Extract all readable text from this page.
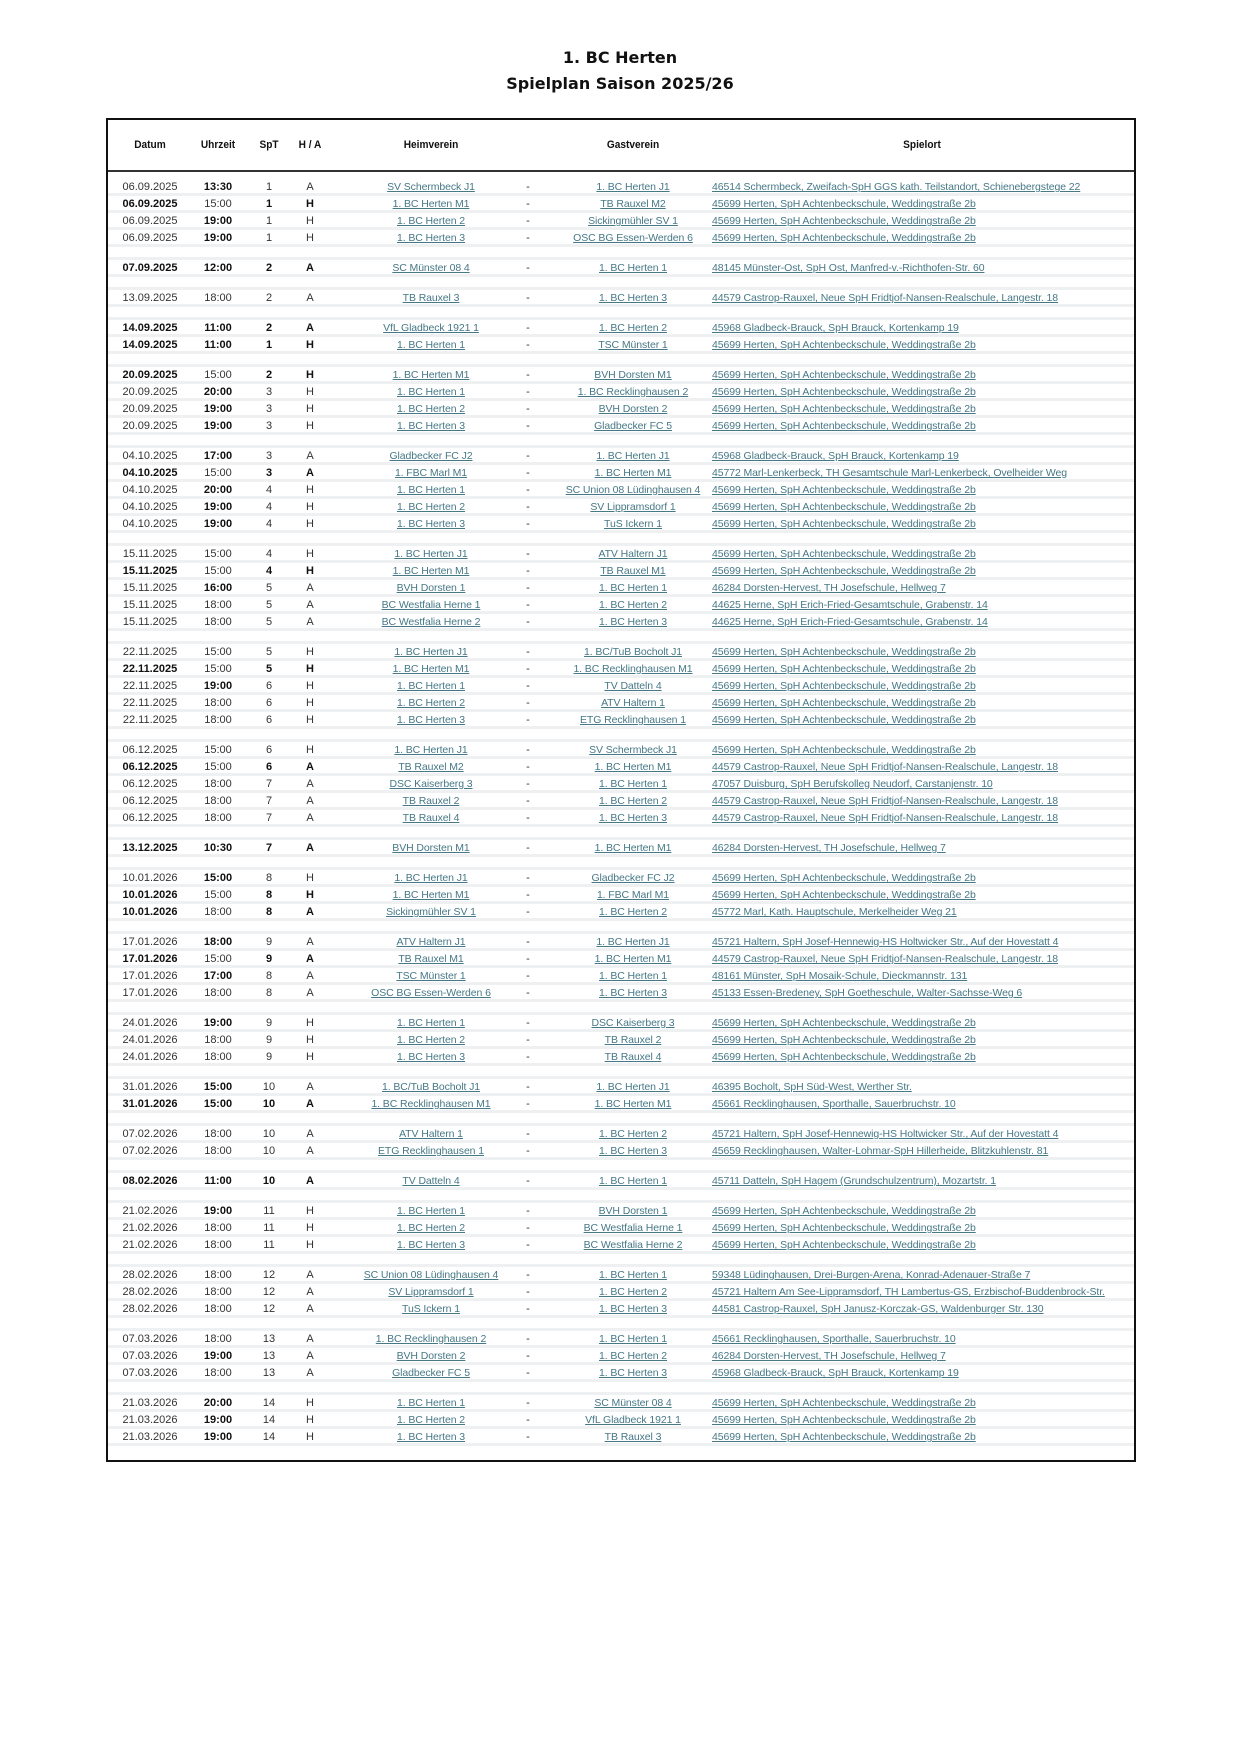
1. BC Herten
Spielplan Saison 2025/26
Datum	Uhrzeit	SpT	H / A	Heimverein	Gastverein	Spielort
06.09.2025	13:30	1	A	SV Schermbeck J1	-	1. BC Herten J1	46514 Schermbeck, Zweifach-SpH GGS kath. Teilstandort, Schienebergstege 22
06.09.2025	15:00	1	H	1. BC Herten M1	-	TB Rauxel M2	45699 Herten, SpH Achtenbeckschule, Weddingstraße 2b
06.09.2025	19:00	1	H	1. BC Herten 2	-	Sickingmühler SV 1	45699 Herten, SpH Achtenbeckschule, Weddingstraße 2b
06.09.2025	19:00	1	H	1. BC Herten 3	-	OSC BG Essen-Werden 6	45699 Herten, SpH Achtenbeckschule, Weddingstraße 2b
07.09.2025	12:00	2	A	SC Münster 08 4	-	1. BC Herten 1	48145 Münster-Ost, SpH Ost, Manfred-v.-Richthofen-Str. 60
13.09.2025	18:00	2	A	TB Rauxel 3	-	1. BC Herten 3	44579 Castrop-Rauxel, Neue SpH Fridtjof-Nansen-Realschule, Langestr. 18
14.09.2025	11:00	2	A	VfL Gladbeck 1921 1	-	1. BC Herten 2	45968 Gladbeck-Brauck, SpH Brauck, Kortenkamp 19
14.09.2025	11:00	1	H	1. BC Herten 1	-	TSC Münster 1	45699 Herten, SpH Achtenbeckschule, Weddingstraße 2b
20.09.2025	15:00	2	H	1. BC Herten M1	-	BVH Dorsten M1	45699 Herten, SpH Achtenbeckschule, Weddingstraße 2b
20.09.2025	20:00	3	H	1. BC Herten 1	-	1. BC Recklinghausen 2	45699 Herten, SpH Achtenbeckschule, Weddingstraße 2b
20.09.2025	19:00	3	H	1. BC Herten 2	-	BVH Dorsten 2	45699 Herten, SpH Achtenbeckschule, Weddingstraße 2b
20.09.2025	19:00	3	H	1. BC Herten 3	-	Gladbecker FC 5	45699 Herten, SpH Achtenbeckschule, Weddingstraße 2b
04.10.2025	17:00	3	A	Gladbecker FC J2	-	1. BC Herten J1	45968 Gladbeck-Brauck, SpH Brauck, Kortenkamp 19
04.10.2025	15:00	3	A	1. FBC Marl M1	-	1. BC Herten M1	45772 Marl-Lenkerbeck, TH Gesamtschule Marl-Lenkerbeck, Ovelheider Weg
04.10.2025	20:00	4	H	1. BC Herten 1	-	SC Union 08 Lüdinghausen 4	45699 Herten, SpH Achtenbeckschule, Weddingstraße 2b
04.10.2025	19:00	4	H	1. BC Herten 2	-	SV Lippramsdorf 1	45699 Herten, SpH Achtenbeckschule, Weddingstraße 2b
04.10.2025	19:00	4	H	1. BC Herten 3	-	TuS Ickern 1	45699 Herten, SpH Achtenbeckschule, Weddingstraße 2b
15.11.2025	15:00	4	H	1. BC Herten J1	-	ATV Haltern J1	45699 Herten, SpH Achtenbeckschule, Weddingstraße 2b
15.11.2025	15:00	4	H	1. BC Herten M1	-	TB Rauxel M1	45699 Herten, SpH Achtenbeckschule, Weddingstraße 2b
15.11.2025	16:00	5	A	BVH Dorsten 1	-	1. BC Herten 1	46284 Dorsten-Hervest, TH Josefschule, Hellweg 7
15.11.2025	18:00	5	A	BC Westfalia Herne 1	-	1. BC Herten 2	44625 Herne, SpH Erich-Fried-Gesamtschule, Grabenstr. 14
15.11.2025	18:00	5	A	BC Westfalia Herne 2	-	1. BC Herten 3	44625 Herne, SpH Erich-Fried-Gesamtschule, Grabenstr. 14
22.11.2025	15:00	5	H	1. BC Herten J1	-	1. BC/TuB Bocholt J1	45699 Herten, SpH Achtenbeckschule, Weddingstraße 2b
22.11.2025	15:00	5	H	1. BC Herten M1	-	1. BC Recklinghausen M1	45699 Herten, SpH Achtenbeckschule, Weddingstraße 2b
22.11.2025	19:00	6	H	1. BC Herten 1	-	TV Datteln 4	45699 Herten, SpH Achtenbeckschule, Weddingstraße 2b
22.11.2025	18:00	6	H	1. BC Herten 2	-	ATV Haltern 1	45699 Herten, SpH Achtenbeckschule, Weddingstraße 2b
22.11.2025	18:00	6	H	1. BC Herten 3	-	ETG Recklinghausen 1	45699 Herten, SpH Achtenbeckschule, Weddingstraße 2b
06.12.2025	15:00	6	H	1. BC Herten J1	-	SV Schermbeck J1	45699 Herten, SpH Achtenbeckschule, Weddingstraße 2b
06.12.2025	15:00	6	A	TB Rauxel M2	-	1. BC Herten M1	44579 Castrop-Rauxel, Neue SpH Fridtjof-Nansen-Realschule, Langestr. 18
06.12.2025	18:00	7	A	DSC Kaiserberg 3	-	1. BC Herten 1	47057 Duisburg, SpH Berufskolleg Neudorf, Carstanjenstr. 10
06.12.2025	18:00	7	A	TB Rauxel 2	-	1. BC Herten 2	44579 Castrop-Rauxel, Neue SpH Fridtjof-Nansen-Realschule, Langestr. 18
06.12.2025	18:00	7	A	TB Rauxel 4	-	1. BC Herten 3	44579 Castrop-Rauxel, Neue SpH Fridtjof-Nansen-Realschule, Langestr. 18
13.12.2025	10:30	7	A	BVH Dorsten M1	-	1. BC Herten M1	46284 Dorsten-Hervest, TH Josefschule, Hellweg 7
10.01.2026	15:00	8	H	1. BC Herten J1	-	Gladbecker FC J2	45699 Herten, SpH Achtenbeckschule, Weddingstraße 2b
10.01.2026	15:00	8	H	1. BC Herten M1	-	1. FBC Marl M1	45699 Herten, SpH Achtenbeckschule, Weddingstraße 2b
10.01.2026	18:00	8	A	Sickingmühler SV 1	-	1. BC Herten 2	45772 Marl, Kath. Hauptschule, Merkelheider Weg 21
17.01.2026	18:00	9	A	ATV Haltern J1	-	1. BC Herten J1	45721 Haltern, SpH Josef-Hennewig-HS Holtwicker Str., Auf der Hovestatt 4
17.01.2026	15:00	9	A	TB Rauxel M1	-	1. BC Herten M1	44579 Castrop-Rauxel, Neue SpH Fridtjof-Nansen-Realschule, Langestr. 18
17.01.2026	17:00	8	A	TSC Münster 1	-	1. BC Herten 1	48161 Münster, SpH Mosaik-Schule, Dieckmannstr. 131
17.01.2026	18:00	8	A	OSC BG Essen-Werden 6	-	1. BC Herten 3	45133 Essen-Bredeney, SpH Goetheschule, Walter-Sachsse-Weg 6
24.01.2026	19:00	9	H	1. BC Herten 1	-	DSC Kaiserberg 3	45699 Herten, SpH Achtenbeckschule, Weddingstraße 2b
24.01.2026	18:00	9	H	1. BC Herten 2	-	TB Rauxel 2	45699 Herten, SpH Achtenbeckschule, Weddingstraße 2b
24.01.2026	18:00	9	H	1. BC Herten 3	-	TB Rauxel 4	45699 Herten, SpH Achtenbeckschule, Weddingstraße 2b
31.01.2026	15:00	10	A	1. BC/TuB Bocholt J1	-	1. BC Herten J1	46395 Bocholt, SpH Süd-West, Werther Str.
31.01.2026	15:00	10	A	1. BC Recklinghausen M1	-	1. BC Herten M1	45661 Recklinghausen, Sporthalle, Sauerbruchstr. 10
07.02.2026	18:00	10	A	ATV Haltern 1	-	1. BC Herten 2	45721 Haltern, SpH Josef-Hennewig-HS Holtwicker Str., Auf der Hovestatt 4
07.02.2026	18:00	10	A	ETG Recklinghausen 1	-	1. BC Herten 3	45659 Recklinghausen, Walter-Lohmar-SpH Hillerheide, Blitzkuhlenstr. 81
08.02.2026	11:00	10	A	TV Datteln 4	-	1. BC Herten 1	45711 Datteln, SpH Hagem (Grundschulzentrum), Mozartstr. 1
21.02.2026	19:00	11	H	1. BC Herten 1	-	BVH Dorsten 1	45699 Herten, SpH Achtenbeckschule, Weddingstraße 2b
21.02.2026	18:00	11	H	1. BC Herten 2	-	BC Westfalia Herne 1	45699 Herten, SpH Achtenbeckschule, Weddingstraße 2b
21.02.2026	18:00	11	H	1. BC Herten 3	-	BC Westfalia Herne 2	45699 Herten, SpH Achtenbeckschule, Weddingstraße 2b
28.02.2026	18:00	12	A	SC Union 08 Lüdinghausen 4	-	1. BC Herten 1	59348 Lüdinghausen, Drei-Burgen-Arena, Konrad-Adenauer-Straße 7
28.02.2026	18:00	12	A	SV Lippramsdorf 1	-	1. BC Herten 2	45721 Haltern Am See-Lippramsdorf, TH Lambertus-GS, Erzbischof-Buddenbrock-Str.
28.02.2026	18:00	12	A	TuS Ickern 1	-	1. BC Herten 3	44581 Castrop-Rauxel, SpH Janusz-Korczak-GS, Waldenburger Str. 130
07.03.2026	18:00	13	A	1. BC Recklinghausen 2	-	1. BC Herten 1	45661 Recklinghausen, Sporthalle, Sauerbruchstr. 10
07.03.2026	19:00	13	A	BVH Dorsten 2	-	1. BC Herten 2	46284 Dorsten-Hervest, TH Josefschule, Hellweg 7
07.03.2026	18:00	13	A	Gladbecker FC 5	-	1. BC Herten 3	45968 Gladbeck-Brauck, SpH Brauck, Kortenkamp 19
21.03.2026	20:00	14	H	1. BC Herten 1	-	SC Münster 08 4	45699 Herten, SpH Achtenbeckschule, Weddingstraße 2b
21.03.2026	19:00	14	H	1. BC Herten 2	-	VfL Gladbeck 1921 1	45699 Herten, SpH Achtenbeckschule, Weddingstraße 2b
21.03.2026	19:00	14	H	1. BC Herten 3	-	TB Rauxel 3	45699 Herten, SpH Achtenbeckschule, Weddingstraße 2b
